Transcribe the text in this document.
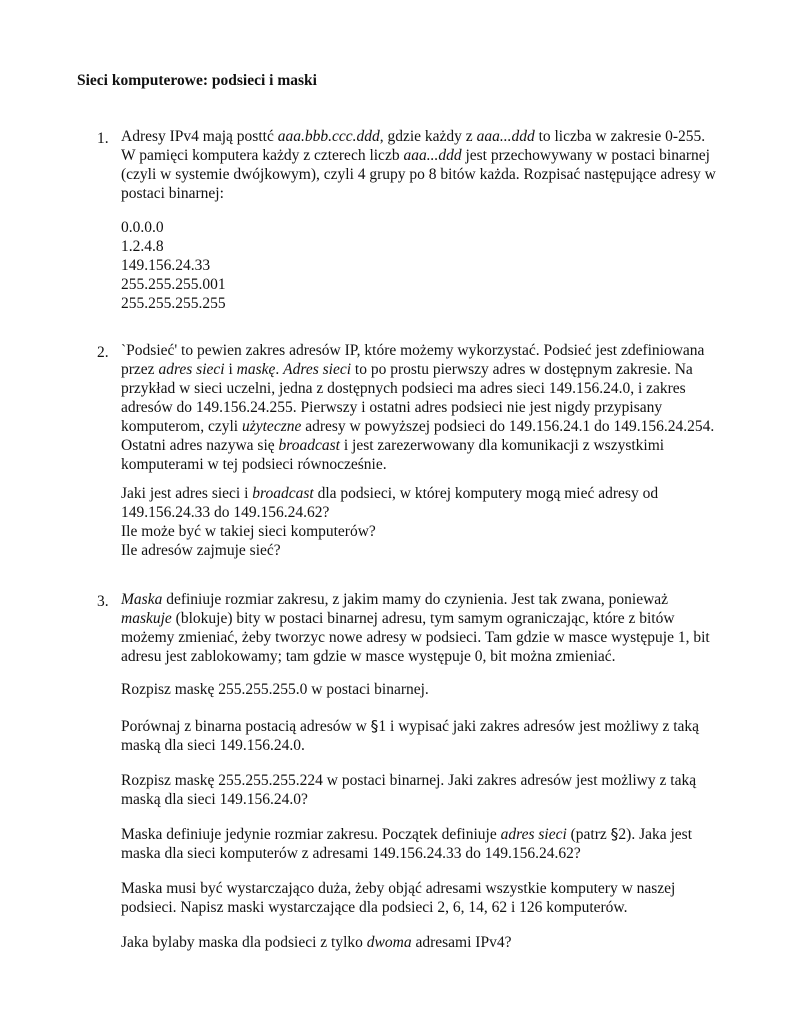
Sieci komputerowe: podsieci i maski
1. Adresy IPv4 mają posttć aaa.bbb.ccc.ddd, gdzie każdy z aaa...ddd to liczba w zakresie 0-255. W pamięci komputera każdy z czterech liczb aaa...ddd jest przechowywany w postaci binarnej (czyli w systemie dwójkowym), czyli 4 grupy po 8 bitów każda. Rozpisać następujące adresy w postaci binarnej:

0.0.0.0
1.2.4.8
149.156.24.33
255.255.255.001
255.255.255.255
2. `Podsieć' to pewien zakres adresów IP, które możemy wykorzystać. Podsieć jest zdefiniowana przez adres sieci i maskę. Adres sieci to po prostu pierwszy adres w dostępnym zakresie. Na przykład w sieci uczelni, jedna z dostępnych podsieci ma adres sieci 149.156.24.0, i zakres adresów do 149.156.24.255. Pierwszy i ostatni adres podsieci nie jest nigdy przypisany komputerom, czyli użyteczne adresy w powyższej podsieci do 149.156.24.1 do 149.156.24.254. Ostatni adres nazywa się broadcast i jest zarezerwowany dla komunikacji z wszystkimi komputerami w tej podsieci równocześnie.

Jaki jest adres sieci i broadcast dla podsieci, w której komputery mogą mieć adresy od 149.156.24.33 do 149.156.24.62?
Ile może być w takiej sieci komputerów?
Ile adresów zajmuje sieć?
3. Maska definiuje rozmiar zakresu, z jakim mamy do czynienia. Jest tak zwana, ponieważ maskuje (blokuje) bity w postaci binarnej adresu, tym samym ograniczając, które z bitów możemy zmieniać, żeby tworzyc nowe adresy w podsieci. Tam gdzie w masce występuje 1, bit adresu jest zablokowamy; tam gdzie w masce występuje 0, bit można zmieniać.

Rozpisz maskę 255.255.255.0 w postaci binarnej.

Porównaj z binarna postacią adresów w §1 i wypisać jaki zakres adresów jest możliwy z taką maską dla sieci 149.156.24.0.

Rozpisz maskę 255.255.255.224 w postaci binarnej. Jaki zakres adresów jest możliwy z taką maską dla sieci 149.156.24.0?

Maska definiuje jedynie rozmiar zakresu. Początek definiuje adres sieci (patrz §2). Jaka jest maska dla sieci komputerów z adresami 149.156.24.33 do 149.156.24.62?

Maska musi być wystarczająco duża, żeby objąć adresami wszystkie komputery w naszej podsieci. Napisz maski wystarczające dla podsieci 2, 6, 14, 62 i 126 komputerów.

Jaka bylaby maska dla podsieci z tylko dwoma adresami IPv4?
